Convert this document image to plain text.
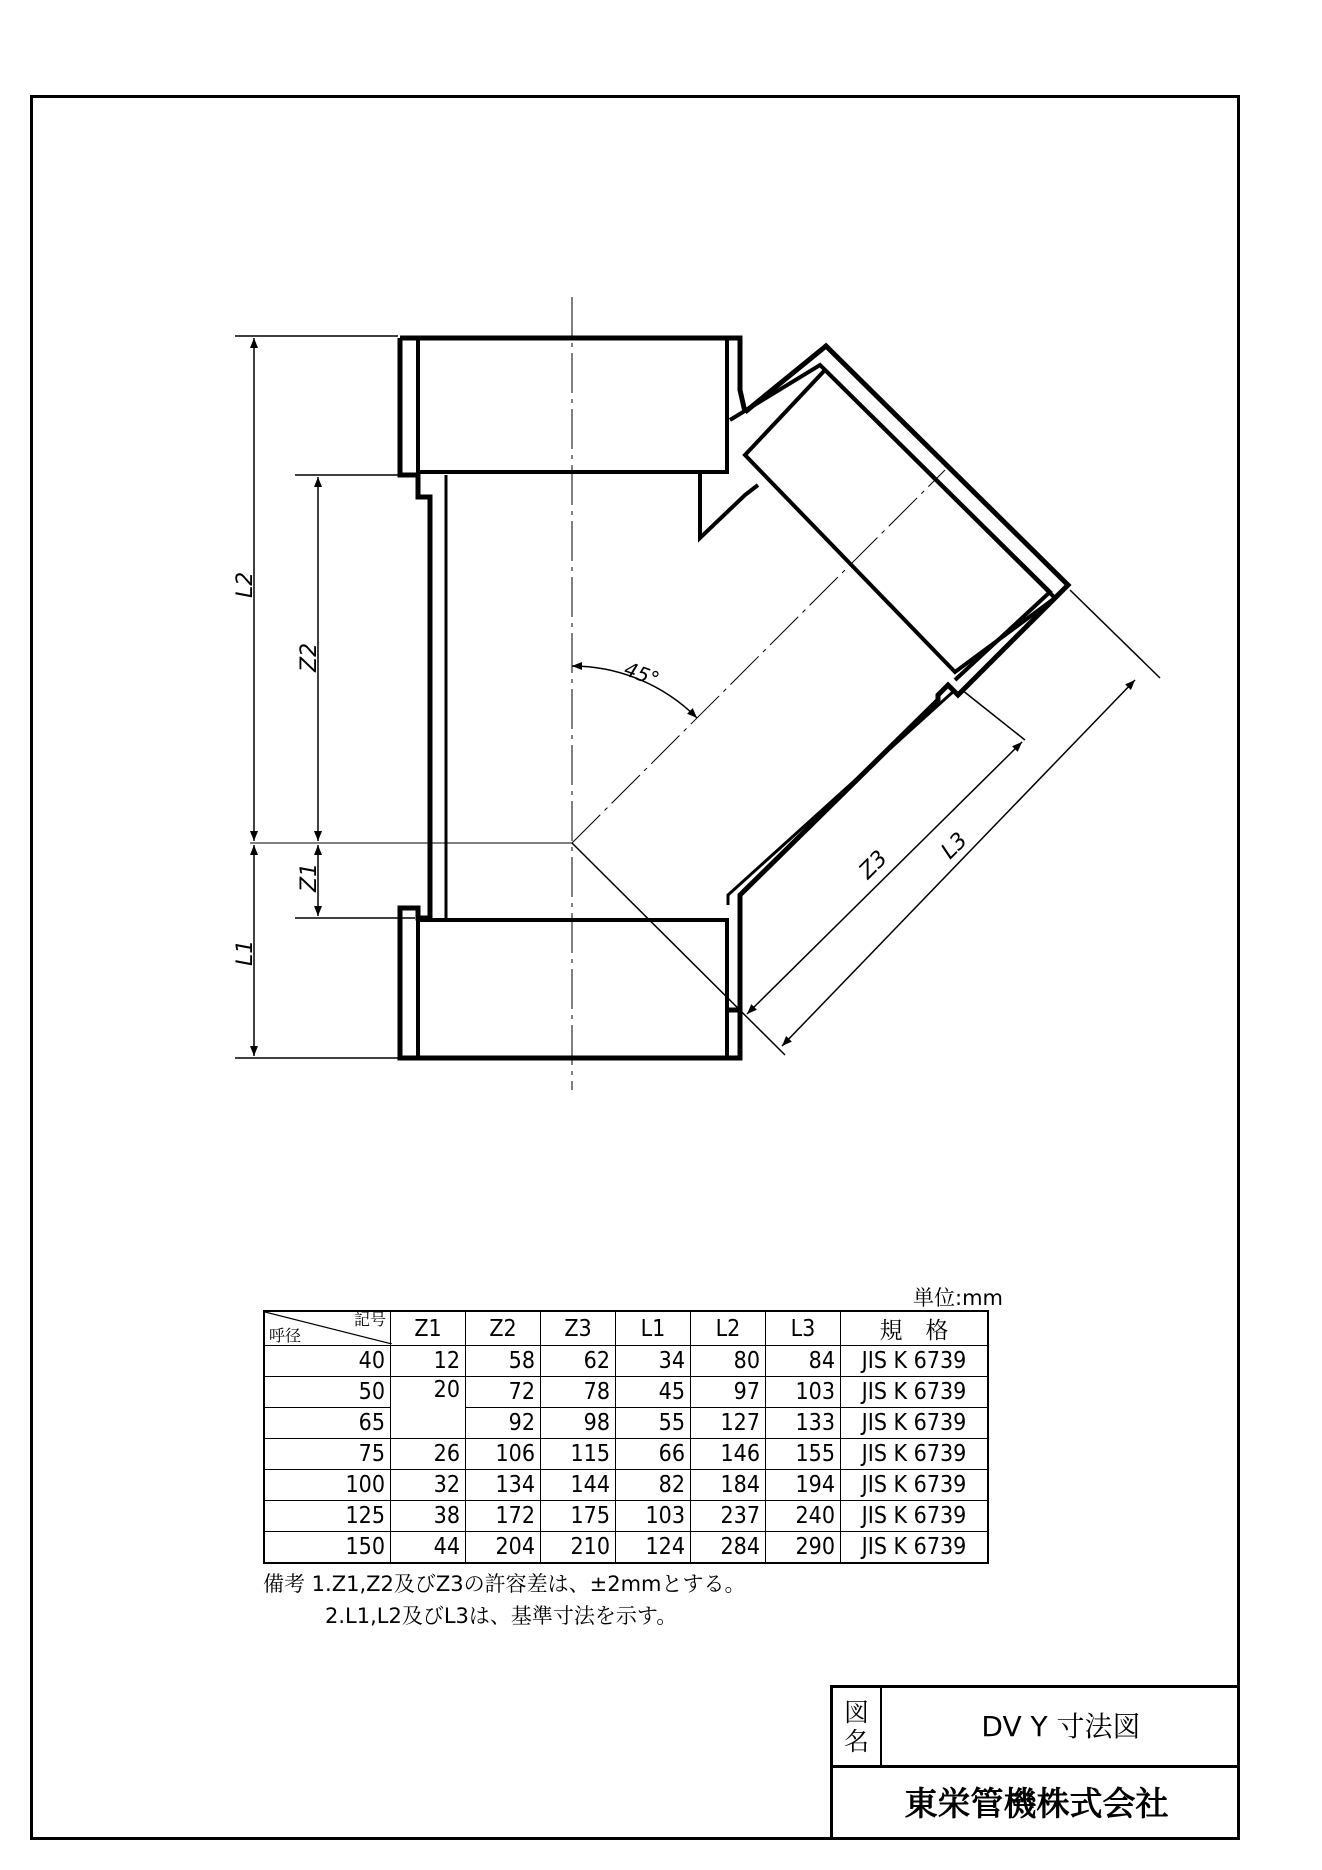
45°
L2
Z2
Z1
L1
Z3 L3
単位:mm
記号
呼径	Z1	Z2	Z3	L1	L2	L3	規　格
40	12	58	62	34	80	84	JIS K 6739
50	20	72	78	45	97	103	JIS K 6739
65		92	98	55	127	133	JIS K 6739
75	26	106	115	66	146	155	JIS K 6739
100	32	134	144	82	184	194	JIS K 6739
125	38	172	175	103	237	240	JIS K 6739
150	44	204	210	124	284	290	JIS K 6739
備考 1.Z1,Z2及びZ3の許容差は、±2mmとする。
2.L1,L2及びL3は、基準寸法を示す。
図
名	DV Y 寸法図
東栄管機株式会社
